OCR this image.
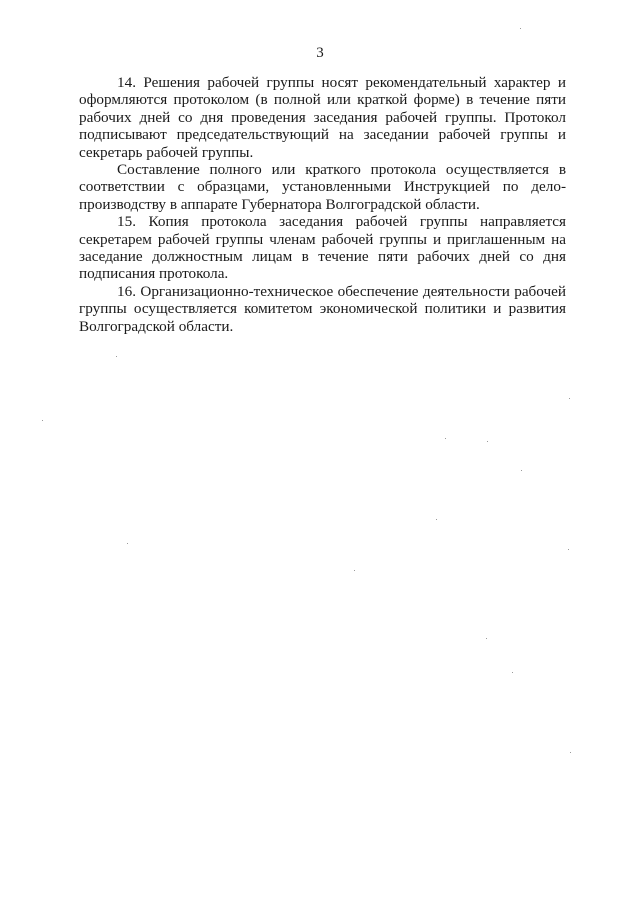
3

14. Решения рабочей группы носят рекомендательный характер и оформляются протоколом (в полной или краткой форме) в течение пяти рабочих дней со дня проведения заседания рабочей группы. Протокол подписывают председательствующий на заседании рабочей группы и секретарь рабочей группы.

Составление полного или краткого протокола осуществляется в соответствии с образцами, установленными Инструкцией по делопроизводству в аппарате Губернатора Волгоградской области.

15. Копия протокола заседания рабочей группы направляется секретарем рабочей группы членам рабочей группы и приглашенным на заседание должностным лицам в течение пяти рабочих дней со дня подписания протокола.

16. Организационно-техническое обеспечение деятельности рабочей группы осуществляется комитетом экономической политики и развития Волгоградской области.
